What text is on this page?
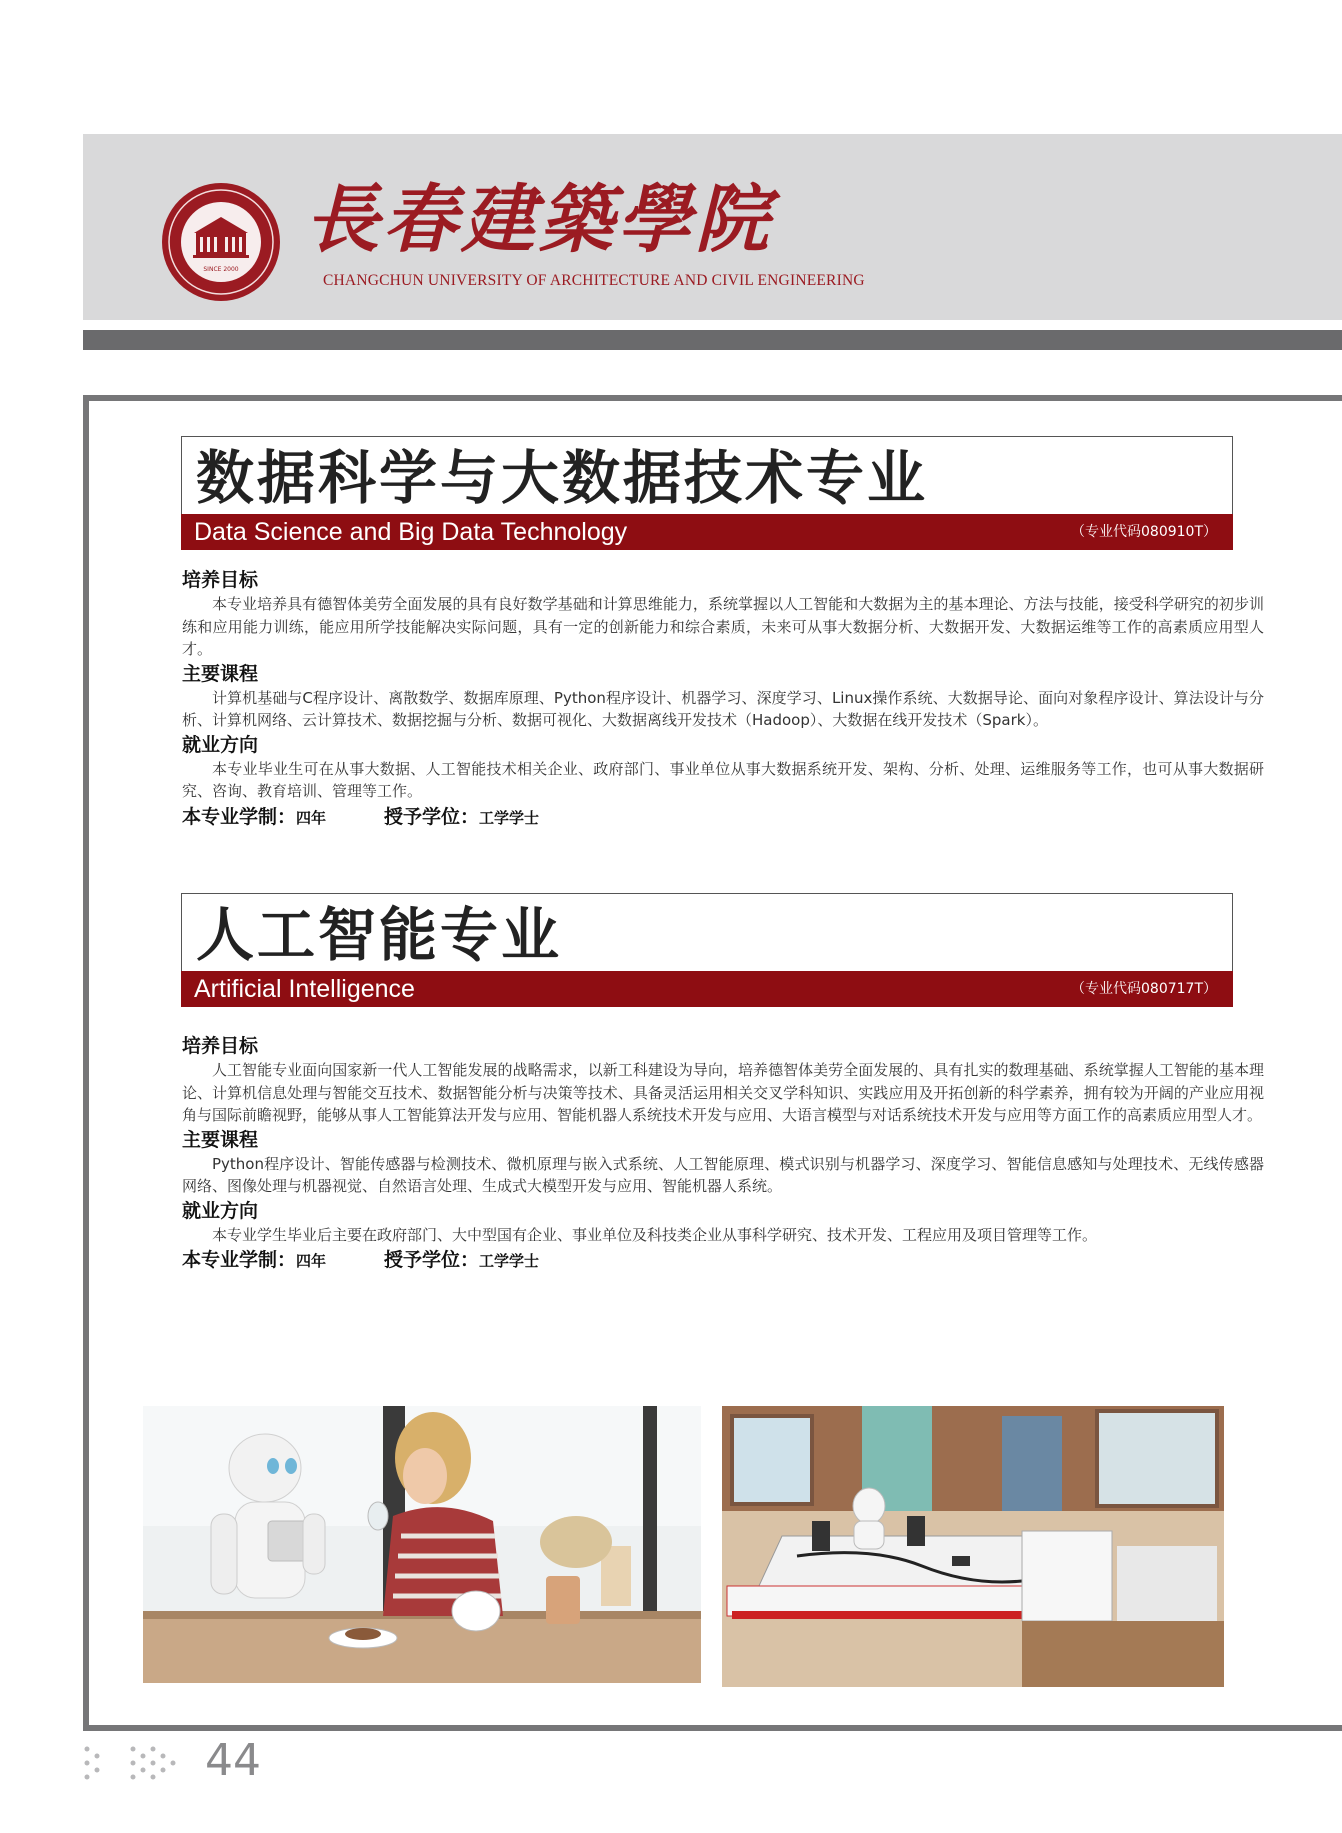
SINCE 2000
長春建築學院
CHANGCHUN UNIVERSITY OF ARCHITECTURE AND CIVIL ENGINEERING
数据科学与大数据技术专业
Data Science and Big Data Technology	（专业代码080910T）

培养目标

本专业培养具有德智体美劳全面发展的具有良好数学基础和计算思维能力，系统掌握以人工智能和大数据为主的基本理论、方法与技能，接受科学研究的初步训练和应用能力训练，能应用所学技能解决实际问题，具有一定的创新能力和综合素质，未来可从事大数据分析、大数据开发、大数据运维等工作的高素质应用型人才。

主要课程

计算机基础与C程序设计、离散数学、数据库原理、Python程序设计、机器学习、深度学习、Linux操作系统、大数据导论、面向对象程序设计、算法设计与分析、计算机网络、云计算技术、数据挖掘与分析、数据可视化、大数据离线开发技术（Hadoop）、大数据在线开发技术（Spark）。

就业方向

本专业毕业生可在从事大数据、人工智能技术相关企业、政府部门、事业单位从事大数据系统开发、架构、分析、处理、运维服务等工作，也可从事大数据研究、咨询、教育培训、管理等工作。

本专业学制：四年	授予学位：工学学士
人工智能专业
Artificial Intelligence	（专业代码080717T）

培养目标

人工智能专业面向国家新一代人工智能发展的战略需求，以新工科建设为导向，培养德智体美劳全面发展的、具有扎实的数理基础、系统掌握人工智能的基本理论、计算机信息处理与智能交互技术、数据智能分析与决策等技术、具备灵活运用相关交叉学科知识、实践应用及开拓创新的科学素养，拥有较为开阔的产业应用视角与国际前瞻视野，能够从事人工智能算法开发与应用、智能机器人系统技术开发与应用、大语言模型与对话系统技术开发与应用等方面工作的高素质应用型人才。

主要课程

Python程序设计、智能传感器与检测技术、微机原理与嵌入式系统、人工智能原理、模式识别与机器学习、深度学习、智能信息感知与处理技术、无线传感器网络、图像处理与机器视觉、自然语言处理、生成式大模型开发与应用、智能机器人系统。

就业方向

本专业学生毕业后主要在政府部门、大中型国有企业、事业单位及科技类企业从事科学研究、技术开发、工程应用及项目管理等工作。

本专业学制：四年	授予学位：工学学士
44
